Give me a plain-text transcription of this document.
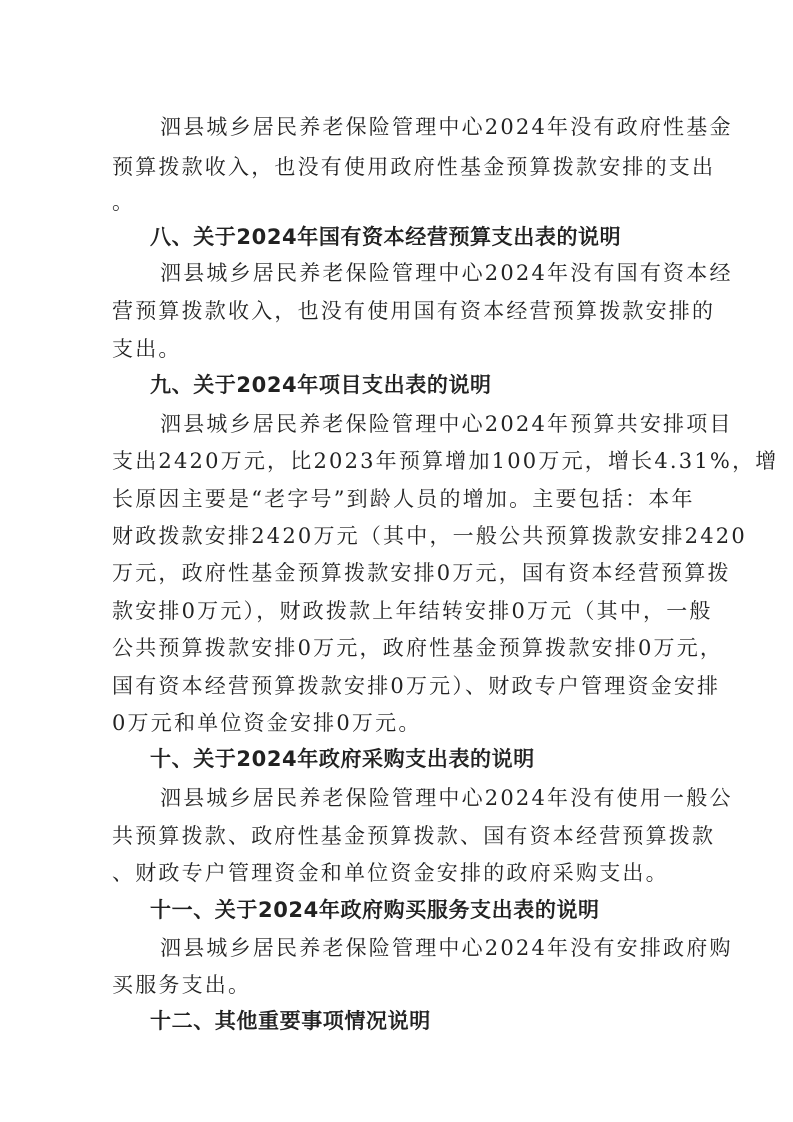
泗县城乡居民养老保险管理中心2024年没有政府性基金
预算拨款收入，也没有使用政府性基金预算拨款安排的支出
。
八、关于2024年国有资本经营预算支出表的说明
泗县城乡居民养老保险管理中心2024年没有国有资本经
营预算拨款收入，也没有使用国有资本经营预算拨款安排的
支出。
九、关于2024年项目支出表的说明
泗县城乡居民养老保险管理中心2024年预算共安排项目
支出2420万元，比2023年预算增加100万元，增长4.31%，增
长原因主要是“老字号”到龄人员的增加。主要包括：本年
财政拨款安排2420万元（其中，一般公共预算拨款安排2420
万元，政府性基金预算拨款安排0万元，国有资本经营预算拨
款安排0万元），财政拨款上年结转安排0万元（其中，一般
公共预算拨款安排0万元，政府性基金预算拨款安排0万元，
国有资本经营预算拨款安排0万元）、财政专户管理资金安排
0万元和单位资金安排0万元。
十、关于2024年政府采购支出表的说明
泗县城乡居民养老保险管理中心2024年没有使用一般公
共预算拨款、政府性基金预算拨款、国有资本经营预算拨款
、财政专户管理资金和单位资金安排的政府采购支出。
十一、关于2024年政府购买服务支出表的说明
泗县城乡居民养老保险管理中心2024年没有安排政府购
买服务支出。
十二、其他重要事项情况说明
